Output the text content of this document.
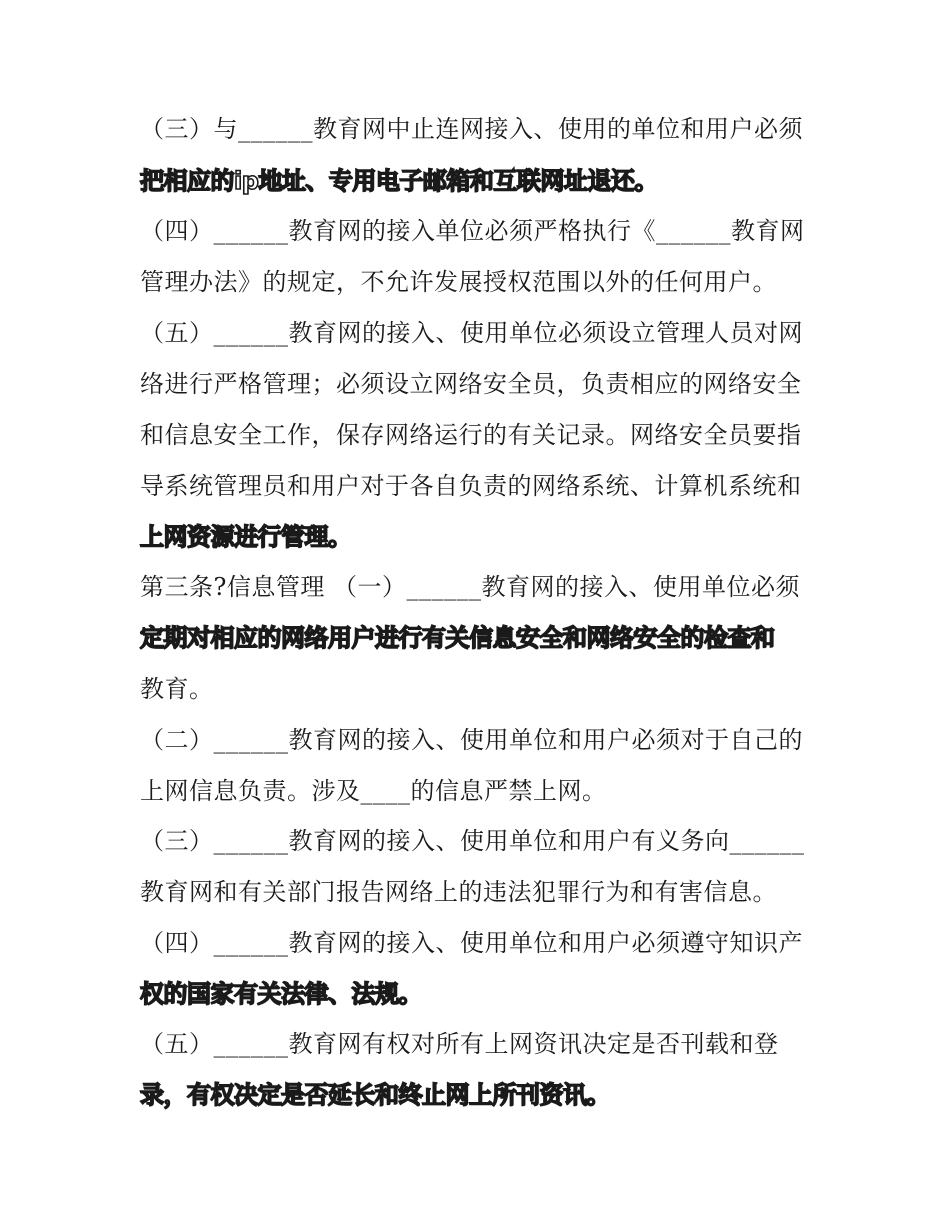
（三）与______教育网中止连网接入、使用的单位和用户必须
把相应的ip地址、专用电子邮箱和互联网址退还。
（四）______教育网的接入单位必须严格执行《______教育网
管理办法》的规定，不允许发展授权范围以外的任何用户。
（五）______教育网的接入、使用单位必须设立管理人员对网
络进行严格管理；必须设立网络安全员，负责相应的网络安全
和信息安全工作，保存网络运行的有关记录。网络安全员要指
导系统管理员和用户对于各自负责的网络系统、计算机系统和
上网资源进行管理。
第三条?信息管理 （一）______教育网的接入、使用单位必须
定期对相应的网络用户进行有关信息安全和网络安全的检查和
教育。
（二）______教育网的接入、使用单位和用户必须对于自己的
上网信息负责。涉及____的信息严禁上网。
（三）______教育网的接入、使用单位和用户有义务向______
教育网和有关部门报告网络上的违法犯罪行为和有害信息。
（四）______教育网的接入、使用单位和用户必须遵守知识产
权的国家有关法律、法规。
（五）______教育网有权对所有上网资讯决定是否刊载和登
录，有权决定是否延长和终止网上所刊资讯。
